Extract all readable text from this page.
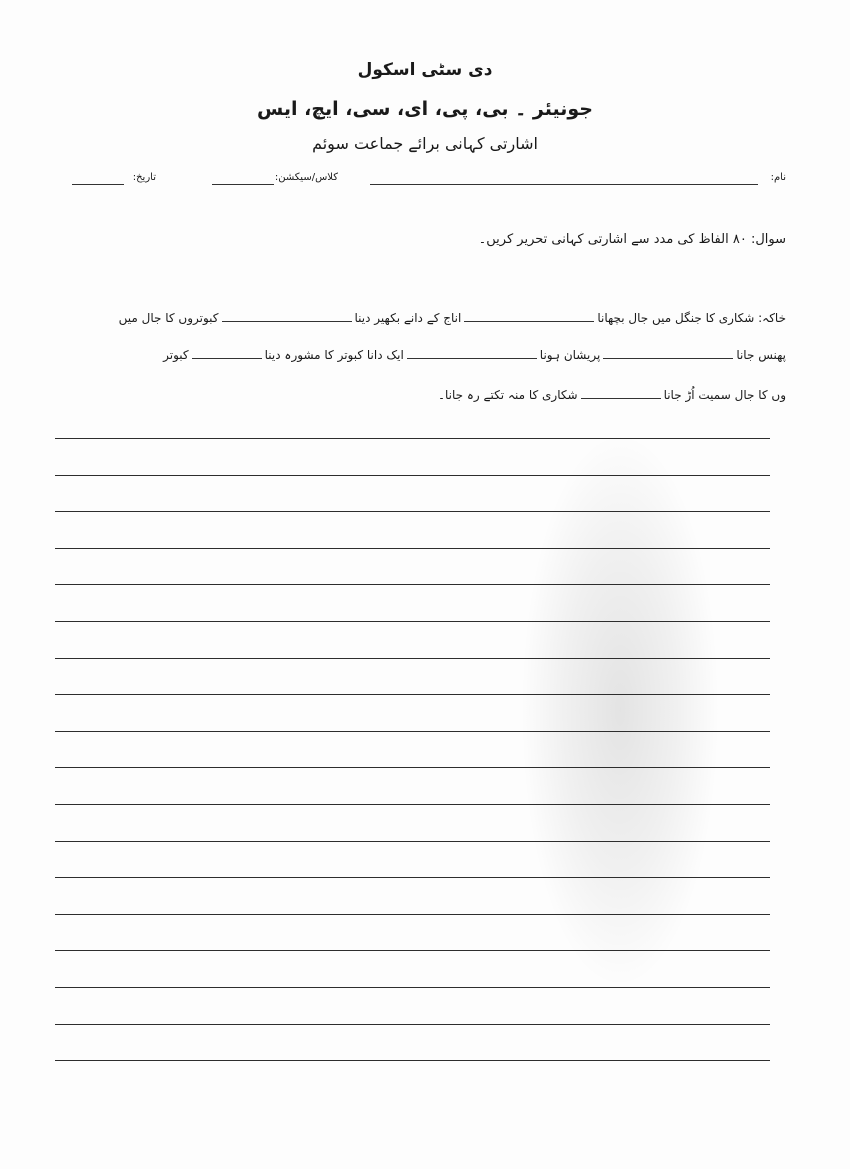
دی سٹی اسکول
جونیئر ۔ بی، پی، ای، سی، ایچ، ایس
اشارتی کہانی برائے جماعت سوئم
نام:
کلاس/سیکشن:
تاریخ:
سوال: ۸۰ الفاظ کی مدد سے اشارتی کہانی تحریر کریں۔
خاکہ: شکاری کا جنگل میں جال بچھانااناج کے دانے بکھیر دیناکبوتروں کا جال میں
پھنس جاناپریشان ہوناایک دانا کبوتر کا مشورہ دیناکبوتر
وں کا جال سمیت اُڑ جاناشکاری کا منہ تکتے رہ جانا۔
